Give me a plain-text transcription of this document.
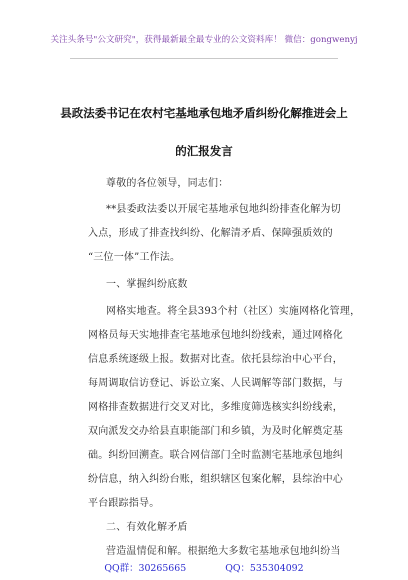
关注头条号"公文研究"，获得最新最全最专业的公文资料库！ 微信：gongwenyj
县政法委书记在农村宅基地承包地矛盾纠纷化解推进会上
的汇报发言
尊敬的各位领导，同志们：
**县委政法委以开展宅基地承包地纠纷排查化解为切
入点，形成了排查找纠纷、化解清矛盾、保障强质效的
“三位一体”工作法。
一、掌握纠纷底数
网格实地查。将全县393个村（社区）实施网格化管理，
网格员每天实地排查宅基地承包地纠纷线索，通过网格化
信息系统逐级上报。数据对比查。依托县综治中心平台，
每周调取信访登记、诉讼立案、人民调解等部门数据，与
网格排查数据进行交叉对比，多维度筛选核实纠纷线索，
双向派发交办给县直职能部门和乡镇，为及时化解奠定基
础。纠纷回溯查。联合网信部门全时监测宅基地承包地纠
纷信息，纳入纠纷台账，组织辖区包案化解，县综治中心
平台跟踪指导。
二、有效化解矛盾
营造温情促和解。根据绝大多数宅基地承包地纠纷当
QQ群：30265665	QQ：535304092
